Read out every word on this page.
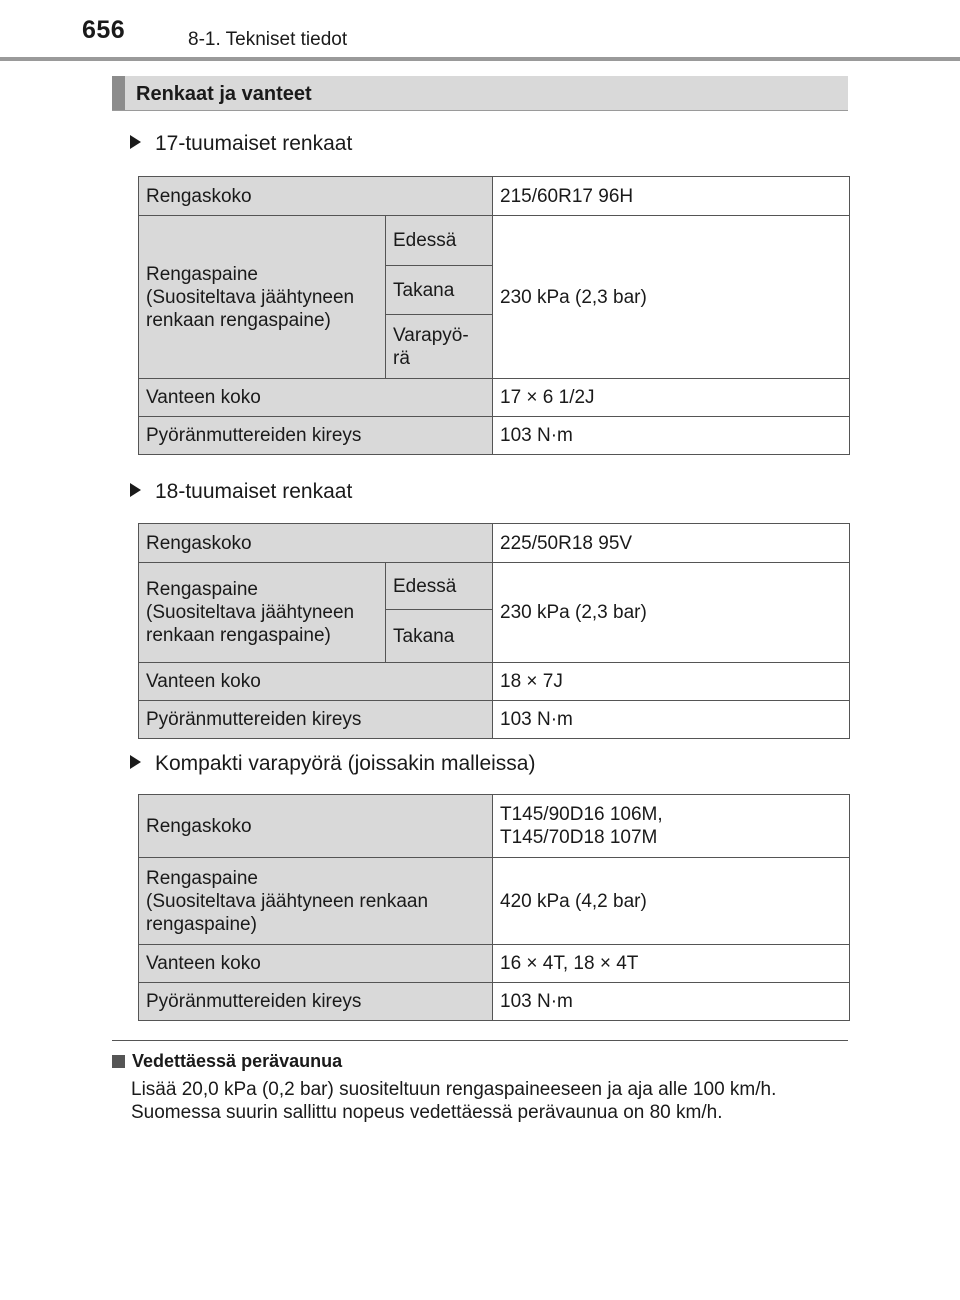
656	8-1. Tekniset tiedot
Renkaat ja vanteet
17-tuumaiset renkaat
Rengaskoko		215/60R17 96H
Rengaspaine
(Suositeltava jäähtyneen
renkaan rengaspaine)	Edessä	230 kPa (2,3 bar)
	Takana	
	Varapyö-
rä	
Vanteen koko		17 × 6 1/2J
Pyöränmuttereiden kireys		103 N·m
18-tuumaiset renkaat
Rengaskoko		225/50R18 95V
Rengaspaine
(Suositeltava jäähtyneen
renkaan rengaspaine)	Edessä	230 kPa (2,3 bar)
	Takana	
Vanteen koko		18 × 7J
Pyöränmuttereiden kireys		103 N·m
Kompakti varapyörä (joissakin malleissa)
Rengaskoko	T145/90D16 106M,
T145/70D18 107M
Rengaspaine
(Suositeltava jäähtyneen renkaan
rengaspaine)	420 kPa (4,2 bar)
Vanteen koko	16 × 4T, 18 × 4T
Pyöränmuttereiden kireys	103 N·m
Vedettäessä perävaunua
Lisää 20,0 kPa (0,2 bar) suositeltuun rengaspaineeseen ja aja alle 100 km/h. Suomessa suurin sallittu nopeus vedettäessä perävaunua on 80 km/h.
